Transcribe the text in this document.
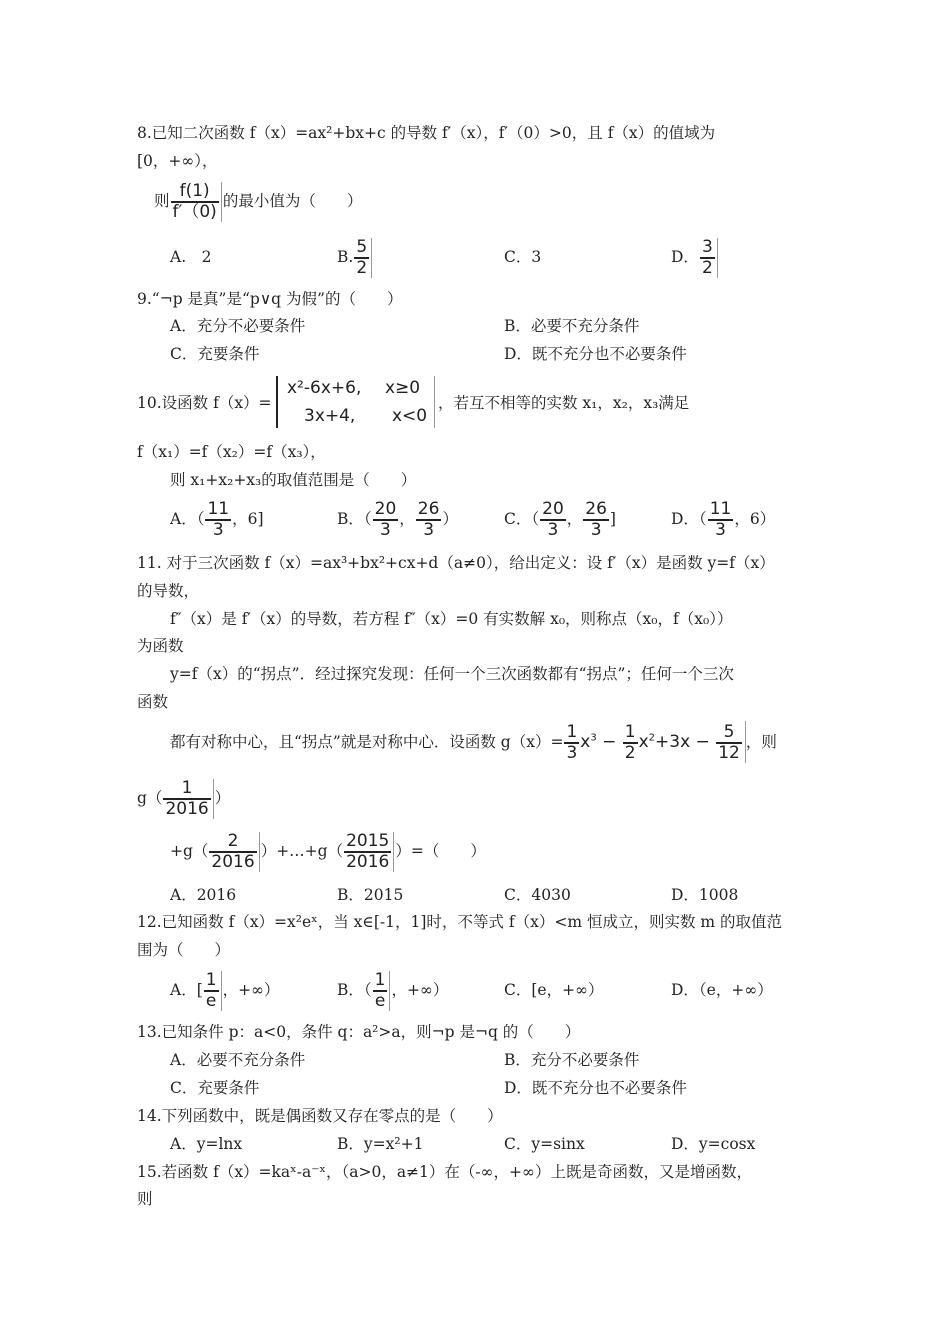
8.已知二次函数 f（x）=ax²+bx+c 的导数 f′（x），f′（0）>0，且 f（x）的值域为
[0，+∞），
则 $\frac{f(1)}{f'(0)}$ 的最小值为（　　）
A.　2	B. $\frac{5}{2}$	C．3	D． $\frac{3}{2}$
9.“¬p 是真”是“p∨q 为假”的（　　）
A．充分不必要条件	B．必要不充分条件
C．充要条件	D．既不充分也不必要条件
10.设函数 f（x）=
x²-6x+6, x≥0
3x+4, x<0
，若互不相等的实数 x₁，x₂，x₃满足
f（x₁）=f（x₂）=f（x₃），
则 x₁+x₂+x₃的取值范围是（　　）
A．（ $\frac{11}{3}$ ，6]	B．（ $\frac{20}{3}$ ， $\frac{26}{3}$ ）	C．（ $\frac{20}{3}$ ， $\frac{26}{3}$ ]	D．（ $\frac{11}{3}$ ，6）
11. 对于三次函数 f（x）=ax³+bx²+cx+d（a≠0），给出定义：设 f′（x）是函数 y=f（x）
的导数，
f″（x）是 f′（x）的导数，若方程 f″（x）=0 有实数解 x₀，则称点（x₀，f（x₀））
为函数
y=f（x）的“拐点”．经过探究发现：任何一个三次函数都有“拐点”；任何一个三次
函数
都有对称中心，且“拐点”就是对称中心．设函数 $g(x)= \frac{1}{3} x^3 - \frac{1}{2} x^2+3x - \frac{5}{12}$ ，则
$g( \frac{1}{2016}$ ）
$+g( \frac{2}{2016}$ ）+…+g（ $\frac{2015}{2016}$ ）=（　　）
A．2016	B．2015	C．4030	D．1008
12.已知函数 f（x）=x²eˣ，当 x∈[-1，1]时，不等式 f（x）<m 恒成立，则实数 m 的取值范
围为（　　）
A．[ $\frac{1}{e}$ ，+∞）	B．（ $\frac{1}{e}$ ，+∞）	C．[e，+∞）	D．（e，+∞）
13.已知条件 p：a<0，条件 q：a²>a，则¬p 是¬q 的（　　）
A．必要不充分条件	B．充分不必要条件
C．充要条件	D．既不充分也不必要条件
14.下列函数中，既是偶函数又存在零点的是（　　）
A．y=lnx	B．y=x²+1	C．y=sinx	D．y=cosx
15.若函数 f（x）=kaˣ-a⁻ˣ，（a>0，a≠1）在（-∞，+∞）上既是奇函数，又是增函数，
则
